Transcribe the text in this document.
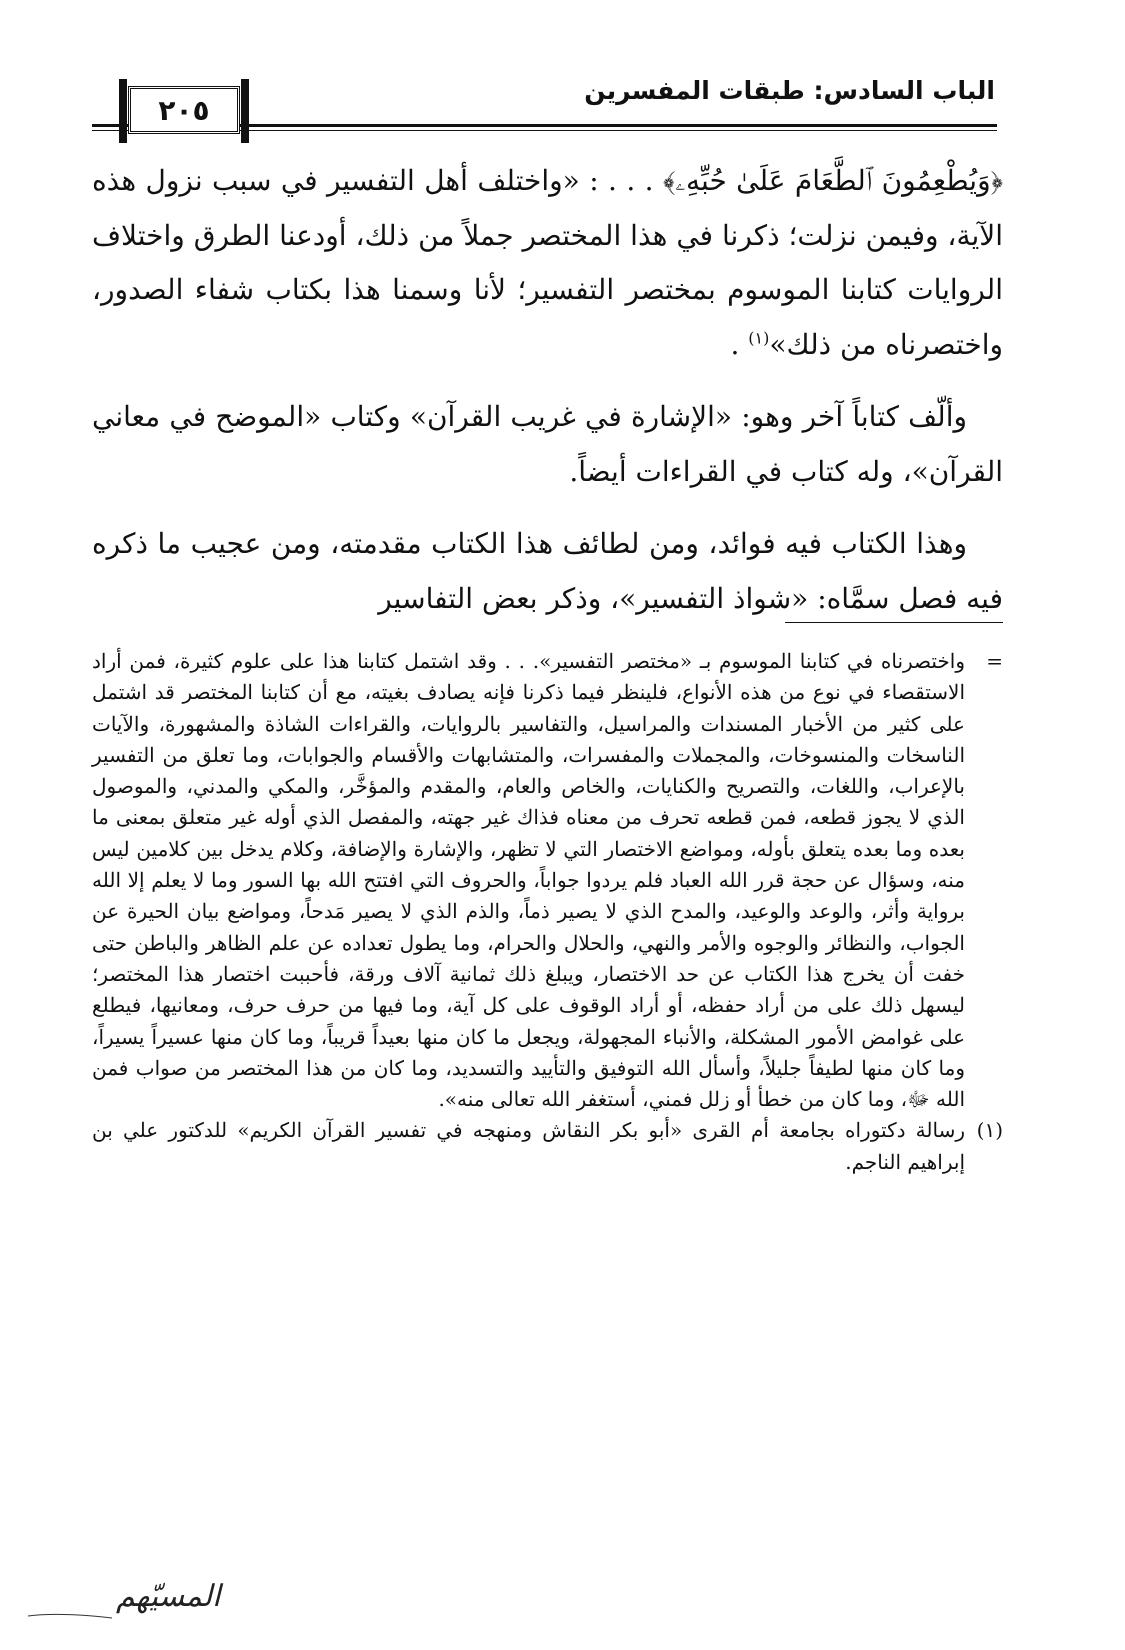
الباب السادس: طبقات المفسرين
٢٠٥

﴿وَيُطْعِمُونَ ٱلطَّعَامَ عَلَىٰ حُبِّهِۦ﴾ . . . : «واختلف أهل التفسير في سبب نزول هذه الآية، وفيمن نزلت؛ ذكرنا في هذا المختصر جملاً من ذلك، أودعنا الطرق واختلاف الروايات كتابنا الموسوم بمختصر التفسير؛ لأنا وسمنا هذا بكتاب شفاء الصدور، واختصرناه من ذلك»$^{(١)}$ .

وألّف كتاباً آخر وهو: «الإشارة في غريب القرآن» وكتاب «الموضح في معاني القرآن»، وله كتاب في القراءات أيضاً.

وهذا الكتاب فيه فوائد، ومن لطائف هذا الكتاب مقدمته، ومن عجيب ما ذكره فيه فصل سمَّاه: «شواذ التفسير»، وذكر بعض التفاسير

=
واختصرناه في كتابنا الموسوم بـ «مختصر التفسير». . . وقد اشتمل كتابنا هذا على علوم كثيرة، فمن أراد الاستقصاء في نوع من هذه الأنواع، فلينظر فيما ذكرنا فإنه يصادف بغيته، مع أن كتابنا المختصر قد اشتمل على كثير من الأخبار المسندات والمراسيل، والتفاسير بالروايات، والقراءات الشاذة والمشهورة، والآيات الناسخات والمنسوخات، والمجملات والمفسرات، والمتشابهات والأقسام والجوابات، وما تعلق من التفسير بالإعراب، واللغات، والتصريح والكنايات، والخاص والعام، والمقدم والمؤخَّر، والمكي والمدني، والموصول الذي لا يجوز قطعه، فمن قطعه تحرف من معناه فذاك غير جهته، والمفصل الذي أوله غير متعلق بمعنى ما بعده وما بعده يتعلق بأوله، ومواضع الاختصار التي لا تظهر، والإشارة والإضافة، وكلام يدخل بين كلامين ليس منه، وسؤال عن حجة قرر الله العباد فلم يردوا جواباً، والحروف التي افتتح الله بها السور وما لا يعلم إلا الله برواية وأثر، والوعد والوعيد، والمدح الذي لا يصير ذماً، والذم الذي لا يصير مَدحاً، ومواضع بيان الحيرة عن الجواب، والنظائر والوجوه والأمر والنهي، والحلال والحرام، وما يطول تعداده عن علم الظاهر والباطن حتى خفت أن يخرج هذا الكتاب عن حد الاختصار، ويبلغ ذلك ثمانية آلاف ورقة، فأحببت اختصار هذا المختصر؛ ليسهل ذلك على من أراد حفظه، أو أراد الوقوف على كل آية، وما فيها من حرف حرف، ومعانيها، فيطلع على غوامض الأمور المشكلة، والأنباء المجهولة، ويجعل ما كان منها بعيداً قريباً، وما كان منها عسيراً يسيراً، وما كان منها لطيفاً جليلاً، وأسأل الله التوفيق والتأييد والتسديد، وما كان من هذا المختصر من صواب فمن الله ﷻ، وما كان من خطأ أو زلل فمني، أستغفر الله تعالى منه».
(١)
رسالة دكتوراه بجامعة أم القرى «أبو بكر النقاش ومنهجه في تفسير القرآن الكريم» للدكتور علي بن إبراهيم الناجم.
المسيّهم
